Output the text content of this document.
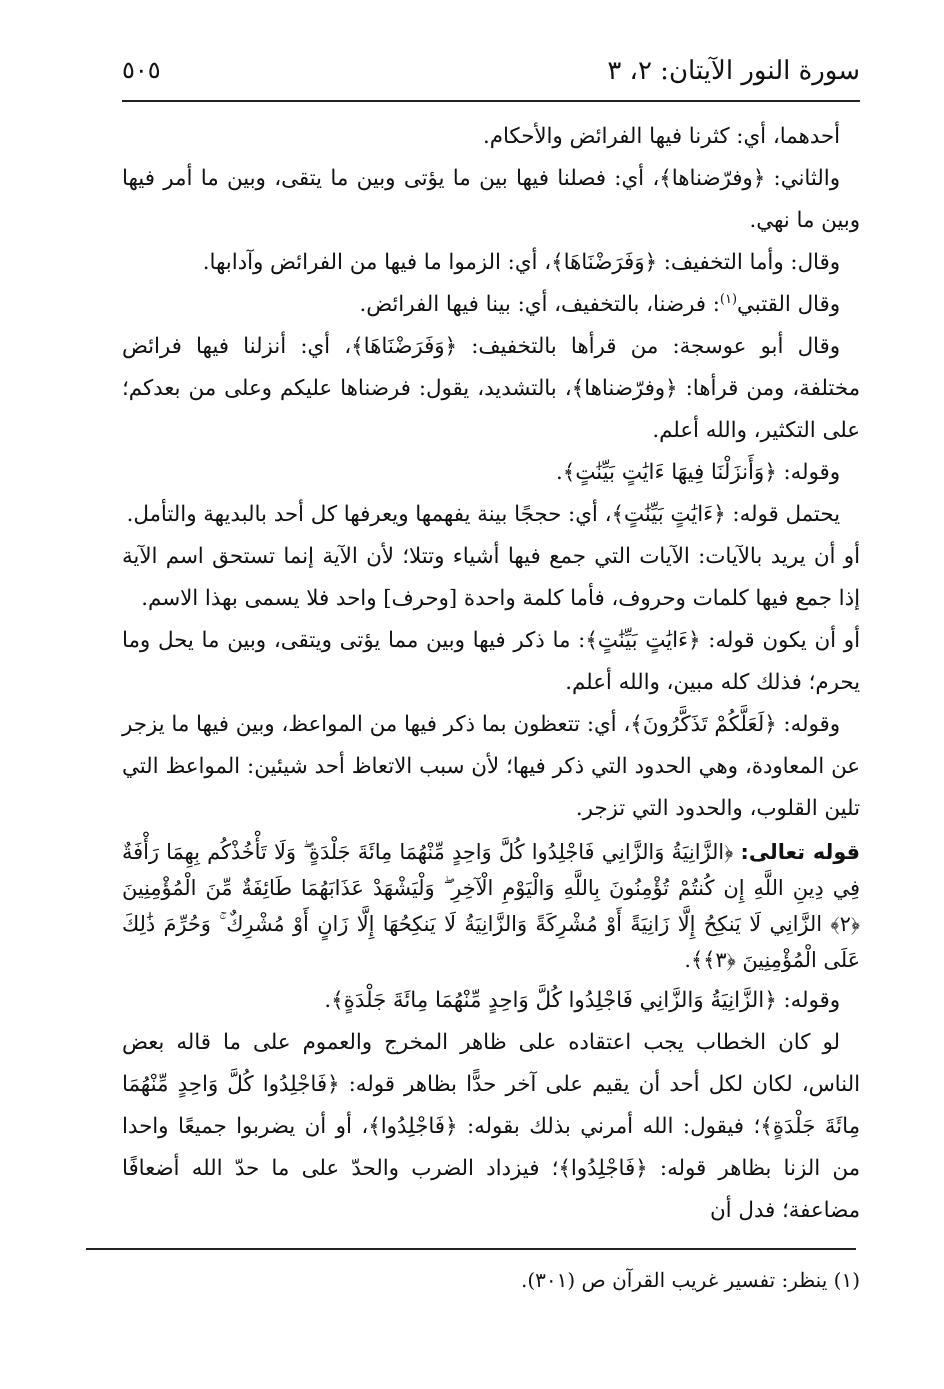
سورة النور الآيتان: ٢، ٣
٥٠٥

أحدهما، أي: كثرنا فيها الفرائض والأحكام.

والثاني: ﴿وفرّضناها﴾، أي: فصلنا فيها بين ما يؤتى وبين ما يتقى، وبين ما أمر فيها وبين ما نهي.

وقال: وأما التخفيف: ﴿وَفَرَضْنَاهَا﴾، أي: الزموا ما فيها من الفرائض وآدابها.

وقال القتبي$^{(١)}$: فرضنا، بالتخفيف، أي: بينا فيها الفرائض.

وقال أبو عوسجة: من قرأها بالتخفيف: ﴿وَفَرَضْنَاهَا﴾، أي: أنزلنا فيها فرائض مختلفة، ومن قرأها: ﴿وفرّضناها﴾، بالتشديد، يقول: فرضناها عليكم وعلى من بعدكم؛ على التكثير، والله أعلم.

وقوله: ﴿وَأَنزَلْنَا فِيهَا ءَايَٰتٍ بَيِّنَٰتٍ﴾.

يحتمل قوله: ﴿ءَايَٰتٍ بَيِّنَٰتٍ﴾، أي: حججًا بينة يفهمها ويعرفها كل أحد بالبديهة والتأمل.

أو أن يريد بالآيات: الآيات التي جمع فيها أشياء وتتلا؛ لأن الآية إنما تستحق اسم الآية إذا جمع فيها كلمات وحروف، فأما كلمة واحدة [وحرف] واحد فلا يسمى بهذا الاسم.

أو أن يكون قوله: ﴿ءَايَٰتٍ بَيِّنَٰتٍ﴾: ما ذكر فيها وبين مما يؤتى ويتقى، وبين ما يحل وما يحرم؛ فذلك كله مبين، والله أعلم.

وقوله: ﴿لَعَلَّكُمْ تَذَكَّرُونَ﴾، أي: تتعظون بما ذكر فيها من المواعظ، وبين فيها ما يزجر عن المعاودة، وهي الحدود التي ذكر فيها؛ لأن سبب الاتعاظ أحد شيئين: المواعظ التي تلين القلوب، والحدود التي تزجر.

قوله تعالى: ﴿الزَّانِيَةُ وَالزَّانِي فَاجْلِدُوا كُلَّ وَاحِدٍ مِّنْهُمَا مِائَةَ جَلْدَةٍ ۖ وَلَا تَأْخُذْكُم بِهِمَا رَأْفَةٌ فِي دِينِ اللَّهِ إِن كُنتُمْ تُؤْمِنُونَ بِاللَّهِ وَالْيَوْمِ الْآخِرِ ۖ وَلْيَشْهَدْ عَذَابَهُمَا طَائِفَةٌ مِّنَ الْمُؤْمِنِينَ ﴿٢﴾ الزَّانِي لَا يَنكِحُ إِلَّا زَانِيَةً أَوْ مُشْرِكَةً وَالزَّانِيَةُ لَا يَنكِحُهَا إِلَّا زَانٍ أَوْ مُشْرِكٌ ۚ وَحُرِّمَ ذَٰلِكَ عَلَى الْمُؤْمِنِينَ ﴿٣﴾﴾.

وقوله: ﴿الزَّانِيَةُ وَالزَّانِي فَاجْلِدُوا كُلَّ وَاحِدٍ مِّنْهُمَا مِائَةَ جَلْدَةٍ﴾.

لو كان الخطاب يجب اعتقاده على ظاهر المخرج والعموم على ما قاله بعض الناس، لكان لكل أحد أن يقيم على آخر حدًّا بظاهر قوله: ﴿فَاجْلِدُوا كُلَّ وَاحِدٍ مِّنْهُمَا مِائَةَ جَلْدَةٍ﴾؛ فيقول: الله أمرني بذلك بقوله: ﴿فَاجْلِدُوا﴾، أو أن يضربوا جميعًا واحدا من الزنا بظاهر قوله: ﴿فَاجْلِدُوا﴾؛ فيزداد الضرب والحدّ على ما حدّ الله أضعافًا مضاعفة؛ فدل أن

(١) ينظر: تفسير غريب القرآن ص (٣٠١).
